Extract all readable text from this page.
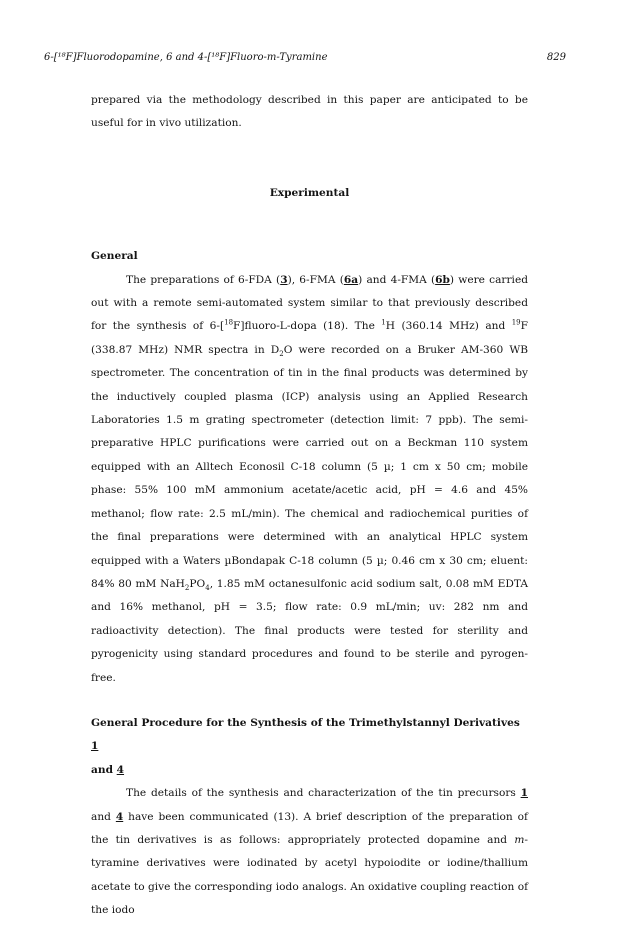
6-[¹⁸F]Fluorodopamine, 6 and 4-[¹⁸F]Fluoro-m-Tyramine	829

prepared via the methodology described in this paper are anticipated to be useful for in vivo utilization.

Experimental
General

The preparations of 6-FDA (3), 6-FMA (6a) and 4-FMA (6b) were carried out with a remote semi-automated system similar to that previously described for the synthesis of 6-[$^{18}$F]fluoro-L-dopa (18). The $^1$H (360.14 MHz) and $^{19}$F (338.87 MHz) NMR spectra in $D_2O$ were recorded on a Bruker AM-360 WB spectrometer. The concentration of tin in the final products was determined by the inductively coupled plasma (ICP) analysis using an Applied Research Laboratories 1.5 m grating spectrometer (detection limit: 7 ppb). The semi-preparative HPLC purifications were carried out on a Beckman 110 system equipped with an Alltech Econosil C-18 column (5 µ; 1 cm x 50 cm; mobile phase: 55% 100 mM ammonium acetate/acetic acid, pH = 4.6 and 45% methanol; flow rate: 2.5 mL/min). The chemical and radiochemical purities of the final preparations were determined with an analytical HPLC system equipped with a Waters µBondapak C-18 column (5 µ; 0.46 cm x 30 cm; eluent: 84% 80 mM $NaH_2PO_4$, 1.85 mM octanesulfonic acid sodium salt, 0.08 mM EDTA and 16% methanol, pH = 3.5; flow rate: 0.9 mL/min; uv: 282 nm and radioactivity detection). The final products were tested for sterility and pyrogenicity using standard procedures and found to be sterile and pyrogen-free.

General Procedure for the Synthesis of the Trimethylstannyl Derivatives 1
and 4

The details of the synthesis and characterization of the tin precursors 1 and 4 have been communicated (13). A brief description of the preparation of the tin derivatives is as follows: appropriately protected dopamine and m-tyramine derivatives were iodinated by acetyl hypoiodite or iodine/thallium acetate to give the corresponding iodo analogs. An oxidative coupling reaction of the iodo
